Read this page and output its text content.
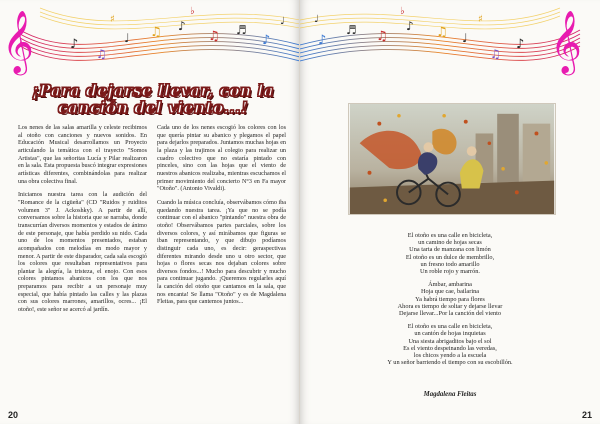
𝄞	♪
♫
♩ ♫ ♪
♫ ♬
♪
♯
♭
♩
¡Para dejarse llevar, con la canción del viento...!

Los nenes de las salas amarilla y celeste recibimos al otoño con canciones y nuevos sonidos. En Educación Musical desarrollamos un Proyecto articulando la temática con el trayecto "Somos Artistas", que las señoritas Lucía y Pilar realizaron en la sala. Esta propuesta buscó integrar expresiones artísticas diferentes, combinándolas para realizar una obra colectiva final.

Iniciamos nuestra tarea con la audición del "Romance de la cigüeña" (CD "Ruidos y ruiditos volumen 3" J. Ackoshky). A partir de allí, conversamos sobre la historia que se narraba, donde transcurrían diversos momentos y estados de ánimo de este personaje, que había perdido su nido. Cada uno de los momentos presentados, estaban acompañados con melodías en modo mayor y menor. A partir de este disparador, cada sala escogió los colores que resultaban representativos para plantar la alegría, la tristeza, el enojo. Con esos colores pintamos abanicos con los que nos preparamos para recibir a un personaje muy especial, que había pintado las calles y las plazas con sus colores marrones, amarillos, ocres... ¡El otoño!, este señor se acercó al jardín.

Cada uno de los nenes escogió los colores con los que quería pintar su abanico y plegamos el papel para dejarlos preparados. Juntamos muchas hojas en la plaza y las trajimos al colegio para realizar un cuadro colectivo que no estaría pintado con pinceles, sino con las hojas que el viento de nuestros abanicos realizaba, mientras escuchamos el primer movimiento del concierto N°3 en Fa mayor "Otoño". (Antonio Vivaldi).

Cuando la música concluía, observábamos cómo iba quedando nuestra tarea. ¡Ya que no se podía continuar con el abanico "pintando" nuestra obra de otoño! Observábamos partes parciales, sobre los diversos colores, y así mirábamos que figuras se iban representando, y que dibujo podíamos distinguir cada uno, es decir: geraspectivas diferentes mirando desde uno u otro sector, que hojas o flores secas nos dejaban colores sobre diversos fondos...! Mucho para descubrir y mucho para continuar jugando. ¡Queremos regularles aquí la canción del otoño que cantamos en la sala, que nos encanta! Se llama "Otoño" y es de Magdalena Fleitas, para que cantemos juntos...

20
♪
♬ ♫
♪ ♫ ♩
♫
♪
♩
♭
♯ 𝄞
El otoño es una calle en bicicleta,
un camino de hojas secas
Una tarta de manzana con limón
El otoño es un dulce de membrillo,
un fresno todo amarillo
Un roble rojo y marrón.
Ámbar, ambarina
Hoja que cae, bailarina
Ya habrá tiempo para flores
Ahora es tiempo de soltar y dejarse llevar
Dejarse llevar...Por la canción del viento
El otoño es una calle en bicicleta,
un cantón de hojas inquietas
Una siesta abrigaditos bajo el sol
Es el viento despeinando las veredas,
los chicos yendo a la escuela
Y un señor barriendo el tiempo con su escobillón.
Magdalena Fleitas
21
